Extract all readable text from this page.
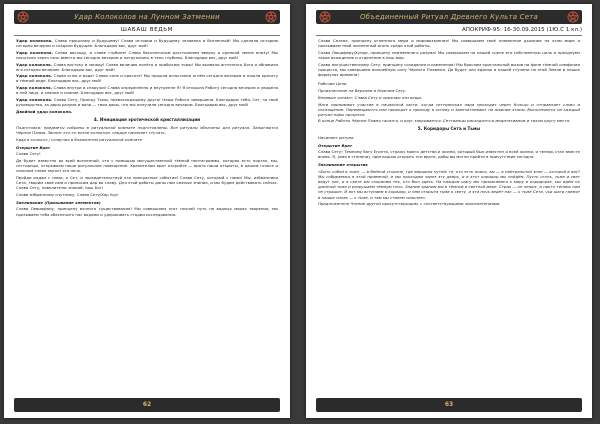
Удар Колоколов на Лунном Затмении
ШАБАШ ВЕДЬМ

Удар колокола. Слава прошлому и будущему! Слава истории и будущему человека и Вселенной! Мы сделали историю сегодня вечером и создали будущее. Благодарю вас, друг мой!

Удар колокола. Слава восходу, и славе глубине! Слава бесконечным расстояниям вверху и крепкой земле внизу! Мы насытили через ночь вместо мы сегодня вечером и погрузились в тень глубины. Благодарю вас, друг мой!

Удар колокола. Слава востоку и западу! Слава величию полёта и прибытию тьмы! Мы вызвали античного Бога и обновили его сегодня вечером. Благодарю вас, друг мой!

Удар колокола. Слава огню и воде! Слава силе и красоте! Мы прошли испытания огнём сегодня вечером и нашли красоту в тёмной воде. Благодарю вас, друг мой!

Удар колокола. Слава внутри и снаружи! Слава определённо и внутренне Я! Я открыла Работу сегодня вечером и увидела в ней лицо, и знание и сияние. Благодарю вас, друг мой!

Удар колокола. Слава Сету, Принцу Тьмы, превосходящему друга! Наша Работа завершена. Благодарю тебя, Сет, за твоё руководство, за дары разума и воли — твои дары, что мы получили сегодня вечером. Благодарю вас, друг мой!

Двойной удар колокола.

4. Инициация эротической кристаллизации

Подготовка: предметы собраны в ритуальной комнате подготовлены. Все ритуалы облачены для ритуала. Зажигаются Чёрное Пламя. Звонит кто-то возле колокола, сердце начинает стучать.

Удар в колокол / созвучия в блаженном ритуальной комнате

Открытие Врат

Слава Сету!

Да будет известно во всей вселенной, что с помощью могущественной тёмной пентаграммы, которая есть портал, мы, сеттианцы, открываем наше ритуальное помещение. Хранителям врат откройте — врата наши открыты, в нашем голосе и сильном слове звучит эта ночь.

Пройди рядом с нами, о Сет, и засвидетельствуй эти прекрасные события! Слава Сету, который с нами! Мы, избранники Сета, творим своё имя и приносим дар во славу. Для этой работы даны нам смелые знания, и мы будем действовать сейчас. Слава Сету, повелителю знаний, наш Бог!

Слава избранному спутнику, Слава Сету/Хар Уру!

Заклинание (Призывание элементов)

Слава Левиафану, принцепу вечного существования! Мы совершаем этот ночной путь на водных морях творения, мы призываем тебя обеспечить нас водами и удерживать стадии исследования.

62
Объединенный Ритуал Древнего Культа Сета
АПОКРИФ-95: 16-30.09.2015 (1Ю.С 1 кл.)

Слава Сатане, принцепу огненного мира и мировоззрения! Мы совершаем твоё пламенное дыхание на этом мире и призываем твой жизненный огонь среди этой работы.

Слава Люциферу/Хупри, принцепу неизменного разума! Мы совершаем на нашей сцене его собственную цель и празднуем такое вхождение и отделение в наш мир.

Слава могущественному Сету, принципу созидания и изменения! Мы бросаем кристальный вызов на фоне тёмной симфонии процесса, мы совершаем волшебную силу Чёрного Пламени. Да будет оно единое в нашей ступени на этой Земле в наших формулах времени!

Рабочие Цели

Произнесение на Верхнем и Нижнем Сету.

Впервые читают: Слава Сету и признаю эти вещи.

Маги принимают участие в начальной части, когда сеттианская пара проходит через Кольцо и отправляет слово и посвящение. Перемещаются или приходят к приходу в основу и запечатлевают на нижние этапы. Выполняются на каждый ритуал пары процессе.

В конце Работы Чёрное Пламя гасится, и круг закрывается. Сеттианцы расходятся в медитативном и тихом кругу места.

5. Коридоры Сета и Тьмы

Начинает ритуал.

Открытие Врат

Слава Сету! Тёмному богу Египта, стражу моего детства и жизни, который был известен и всей жизни, и теперь стал вместе вновь. Я, (имя в степени), приглашаю открыть эти врата, дабы вы могли прийти в присутствие сегодня.

Заклинание открытия

«Быть собой в тьме, — в бейной стороне, где вершина путей; те, кто есть поиск, вы — в нейтральной зоне — которой в вас? Мы собираемся в этой приемной, и мы проходим через эту дверь, и в этот коридор мы пойдём. Пусть огонь, тьма и свет ведут нас, и в свете мы сохраним тех, кто был здесь. На каждом шагу мы прикасаемся к миру в коридорах, мы идём по длинной тьме и разрушаем тёмную ночь. Знание храним мы в тёмной и светлой мере. Страх — он лежит, и никто теперь нам не страшит. И вот мы вступаем в коридор, и нам открыта тьма к свету, и эта ночь ведёт нас — к тьме Сета, чьи шаги гремят в наших силах — к тьме, и там мы станем сильнее».

Предложенное Чтение другой присутствующим, с соответствующими произнесениями.

63
